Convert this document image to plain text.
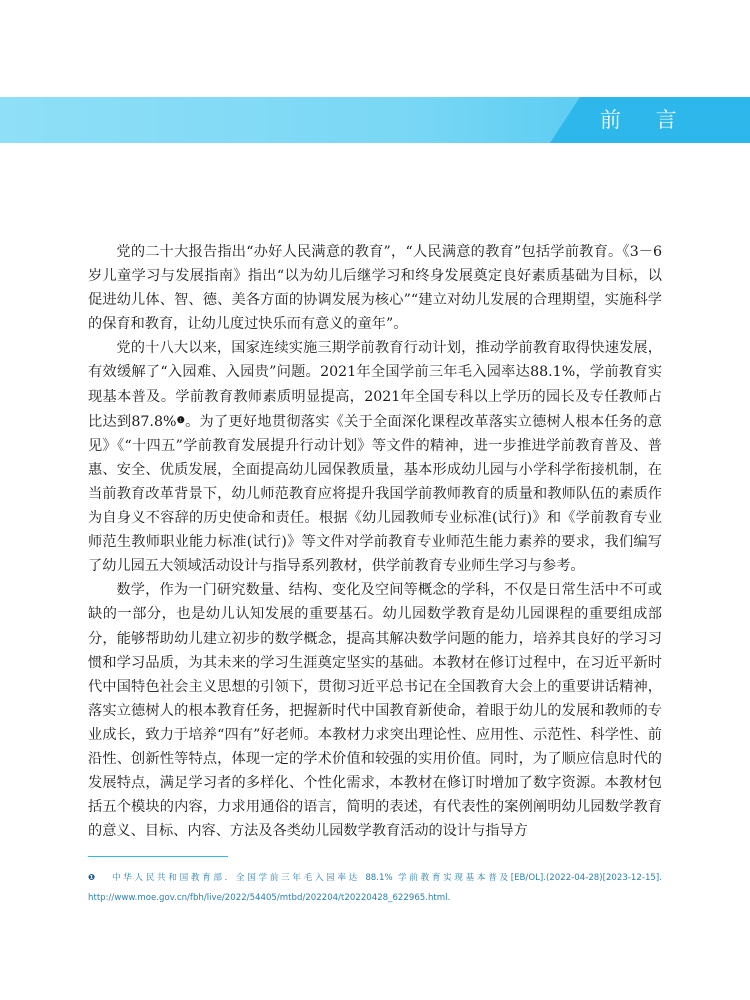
前 言

党的二十大报告指出“办好人民满意的教育”，“人民满意的教育”包括学前教育。《3－6岁儿童学习与发展指南》指出“以为幼儿后继学习和终身发展奠定良好素质基础为目标，以促进幼儿体、智、德、美各方面的协调发展为核心”“建立对幼儿发展的合理期望，实施科学的保育和教育，让幼儿度过快乐而有意义的童年”。

党的十八大以来，国家连续实施三期学前教育行动计划，推动学前教育取得快速发展，有效缓解了“入园难、入园贵”问题。2021年全国学前三年毛入园率达88.1%，学前教育实现基本普及。学前教育教师素质明显提高，2021年全国专科以上学历的园长及专任教师占比达到87.8%$^❶$。为了更好地贯彻落实《关于全面深化课程改革落实立德树人根本任务的意见》《“十四五”学前教育发展提升行动计划》等文件的精神，进一步推进学前教育普及、普惠、安全、优质发展，全面提高幼儿园保教质量，基本形成幼儿园与小学科学衔接机制，在当前教育改革背景下，幼儿师范教育应将提升我国学前教师教育的质量和教师队伍的素质作为自身义不容辞的历史使命和责任。根据《幼儿园教师专业标准(试行)》和《学前教育专业师范生教师职业能力标准(试行)》等文件对学前教育专业师范生能力素养的要求，我们编写了幼儿园五大领域活动设计与指导系列教材，供学前教育专业师生学习与参考。

数学，作为一门研究数量、结构、变化及空间等概念的学科，不仅是日常生活中不可或缺的一部分，也是幼儿认知发展的重要基石。幼儿园数学教育是幼儿园课程的重要组成部分，能够帮助幼儿建立初步的数学概念，提高其解决数学问题的能力，培养其良好的学习习惯和学习品质，为其未来的学习生涯奠定坚实的基础。本教材在修订过程中，在习近平新时代中国特色社会主义思想的引领下，贯彻习近平总书记在全国教育大会上的重要讲话精神，落实立德树人的根本教育任务，把握新时代中国教育新使命，着眼于幼儿的发展和教师的专业成长，致力于培养“四有”好老师。本教材力求突出理论性、应用性、示范性、科学性、前沿性、创新性等特点，体现一定的学术价值和较强的实用价值。同时，为了顺应信息时代的发展特点，满足学习者的多样化、个性化需求，本教材在修订时增加了数字资源。本教材包括五个模块的内容，力求用通俗的语言，简明的表述，有代表性的案例阐明幼儿园数学教育的意义、目标、内容、方法及各类幼儿园数学教育活动的设计与指导方

❶ 中华人民共和国教育部．全国学前三年毛入园率达 88.1% 学前教育实现基本普及[EB/OL].(2022-04-28)[2023-12-15]. http://www.moe.gov.cn/fbh/live/2022/54405/mtbd/202204/t20220428_622965.html.
